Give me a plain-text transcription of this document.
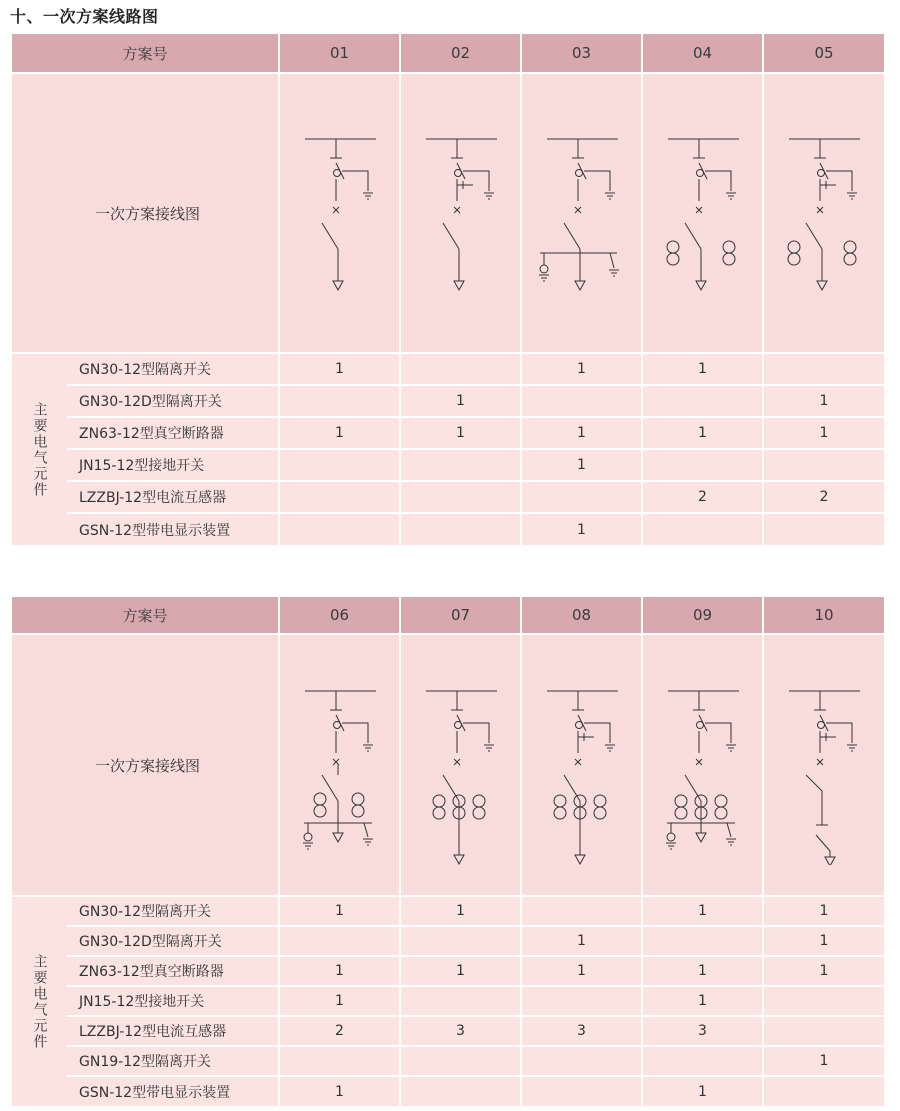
十、一次方案线路图
方案号		01	02	03	04	05
一次方案接线图	

主要电气元件	GN30-12型隔离开关	1		1	1	
	GN30-12D型隔离开关		1			1
	ZN63-12型真空断路器	1	1	1	1	1
	JN15-12型接地开关			1		
	LZZBJ-12型电流互感器				2	2
	GSN-12型带电显示装置			1		
方案号		06	07	08	09	10
一次方案接线图	

主要电气元件	GN30-12型隔离开关	1	1		1	1
	GN30-12D型隔离开关			1		1
	ZN63-12型真空断路器	1	1	1	1	1
	JN15-12型接地开关	1			1	
	LZZBJ-12型电流互感器	2	3	3	3	
	GN19-12型隔离开关					1
	GSN-12型带电显示装置	1			1	
